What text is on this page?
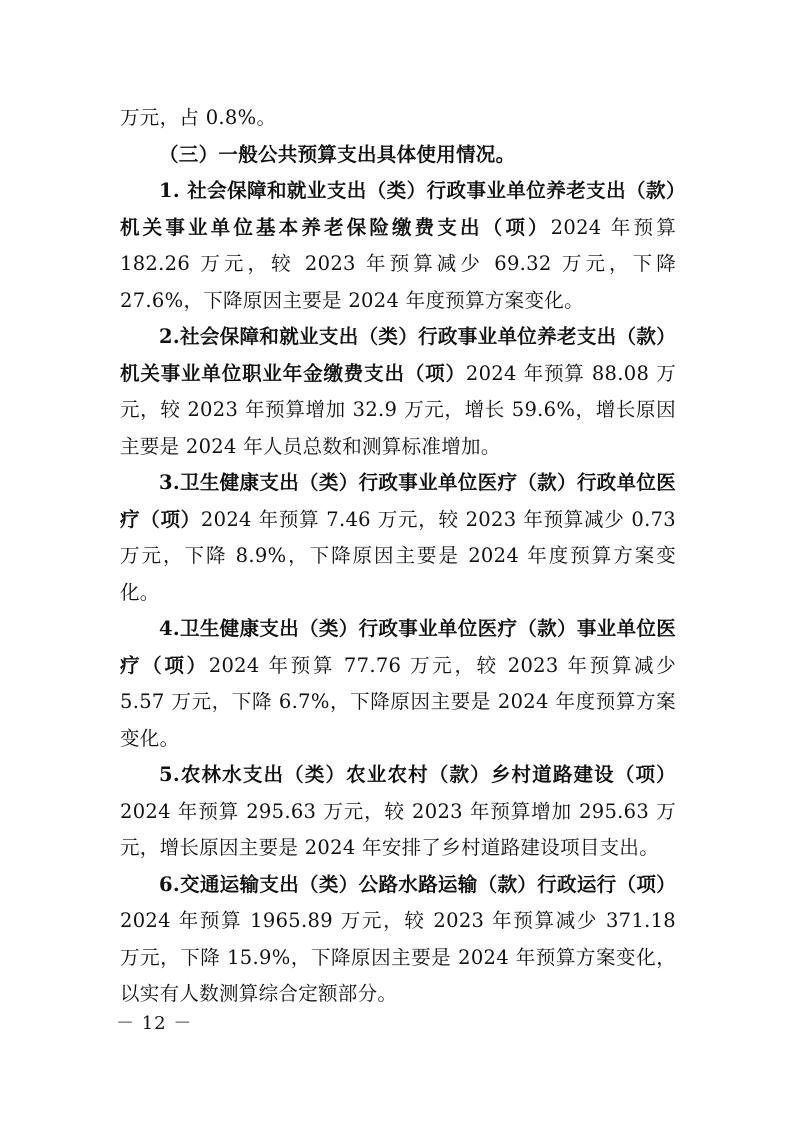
万元，占 0.8%。

（三）一般公共预算支出具体使用情况。

1. 社会保障和就业支出（类）行政事业单位养老支出（款）机关事业单位基本养老保险缴费支出（项）2024 年预算 182.26 万元，较 2023 年预算减少 69.32 万元，下降 27.6%，下降原因主要是 2024 年度预算方案变化。

2.社会保障和就业支出（类）行政事业单位养老支出（款）机关事业单位职业年金缴费支出（项）2024 年预算 88.08 万元，较 2023 年预算增加 32.9 万元，增长 59.6%，增长原因主要是 2024 年人员总数和测算标准增加。

3.卫生健康支出（类）行政事业单位医疗（款）行政单位医疗（项）2024 年预算 7.46 万元，较 2023 年预算减少 0.73 万元，下降 8.9%，下降原因主要是 2024 年度预算方案变化。

4.卫生健康支出（类）行政事业单位医疗（款）事业单位医疗（项）2024 年预算 77.76 万元，较 2023 年预算减少 5.57 万元，下降 6.7%，下降原因主要是 2024 年度预算方案变化。

5.农林水支出（类）农业农村（款）乡村道路建设（项）2024 年预算 295.63 万元，较 2023 年预算增加 295.63 万元，增长原因主要是 2024 年安排了乡村道路建设项目支出。

6.交通运输支出（类）公路水路运输（款）行政运行（项）2024 年预算 1965.89 万元，较 2023 年预算减少 371.18 万元，下降 15.9%，下降原因主要是 2024 年预算方案变化，以实有人数测算综合定额部分。

－ 12 －
